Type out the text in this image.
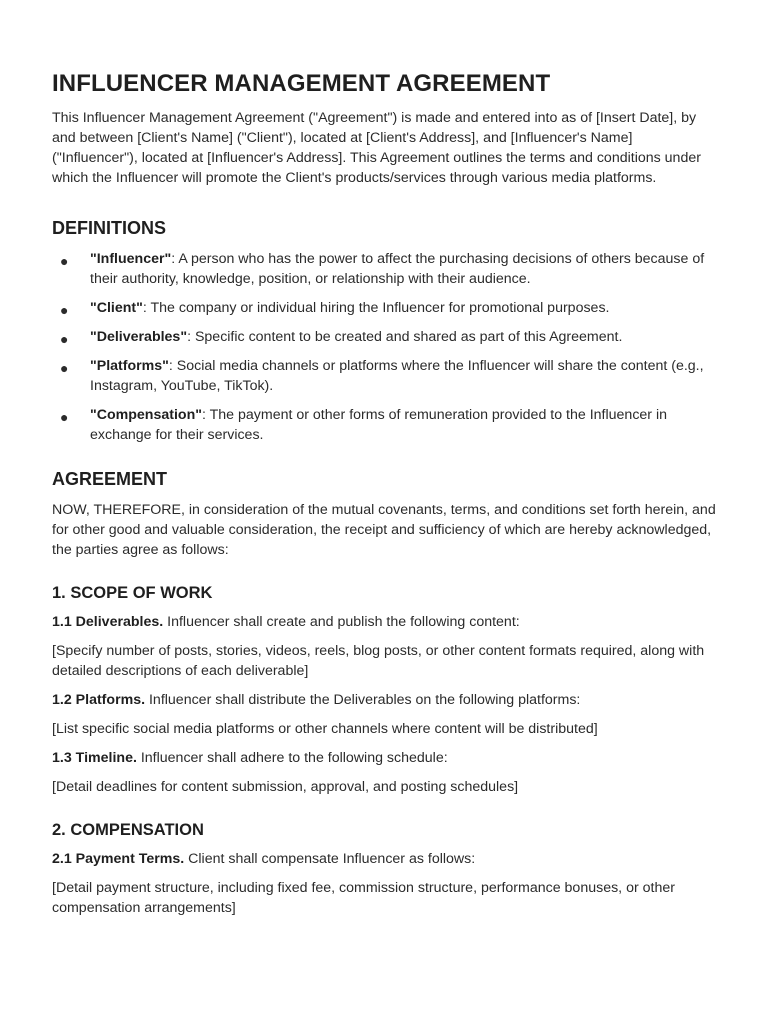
INFLUENCER MANAGEMENT AGREEMENT

This Influencer Management Agreement ("Agreement") is made and entered into as of [Insert Date], by and between [Client's Name] ("Client"), located at [Client's Address], and [Influencer's Name] ("Influencer"), located at [Influencer's Address]. This Agreement outlines the terms and conditions under which the Influencer will promote the Client's products/services through various media platforms.

DEFINITIONS
● "Influencer": A person who has the power to affect the purchasing decisions of others because of their authority, knowledge, position, or relationship with their audience.
● "Client": The company or individual hiring the Influencer for promotional purposes.
● "Deliverables": Specific content to be created and shared as part of this Agreement.
● "Platforms": Social media channels or platforms where the Influencer will share the content (e.g., Instagram, YouTube, TikTok).
● "Compensation": The payment or other forms of remuneration provided to the Influencer in exchange for their services.
AGREEMENT

NOW, THEREFORE, in consideration of the mutual covenants, terms, and conditions set forth herein, and for other good and valuable consideration, the receipt and sufficiency of which are hereby acknowledged, the parties agree as follows:

1. SCOPE OF WORK

1.1 Deliverables. Influencer shall create and publish the following content:

[Specify number of posts, stories, videos, reels, blog posts, or other content formats required, along with detailed descriptions of each deliverable]

1.2 Platforms. Influencer shall distribute the Deliverables on the following platforms:

[List specific social media platforms or other channels where content will be distributed]

1.3 Timeline. Influencer shall adhere to the following schedule:

[Detail deadlines for content submission, approval, and posting schedules]

2. COMPENSATION

2.1 Payment Terms. Client shall compensate Influencer as follows:

[Detail payment structure, including fixed fee, commission structure, performance bonuses, or other compensation arrangements]
